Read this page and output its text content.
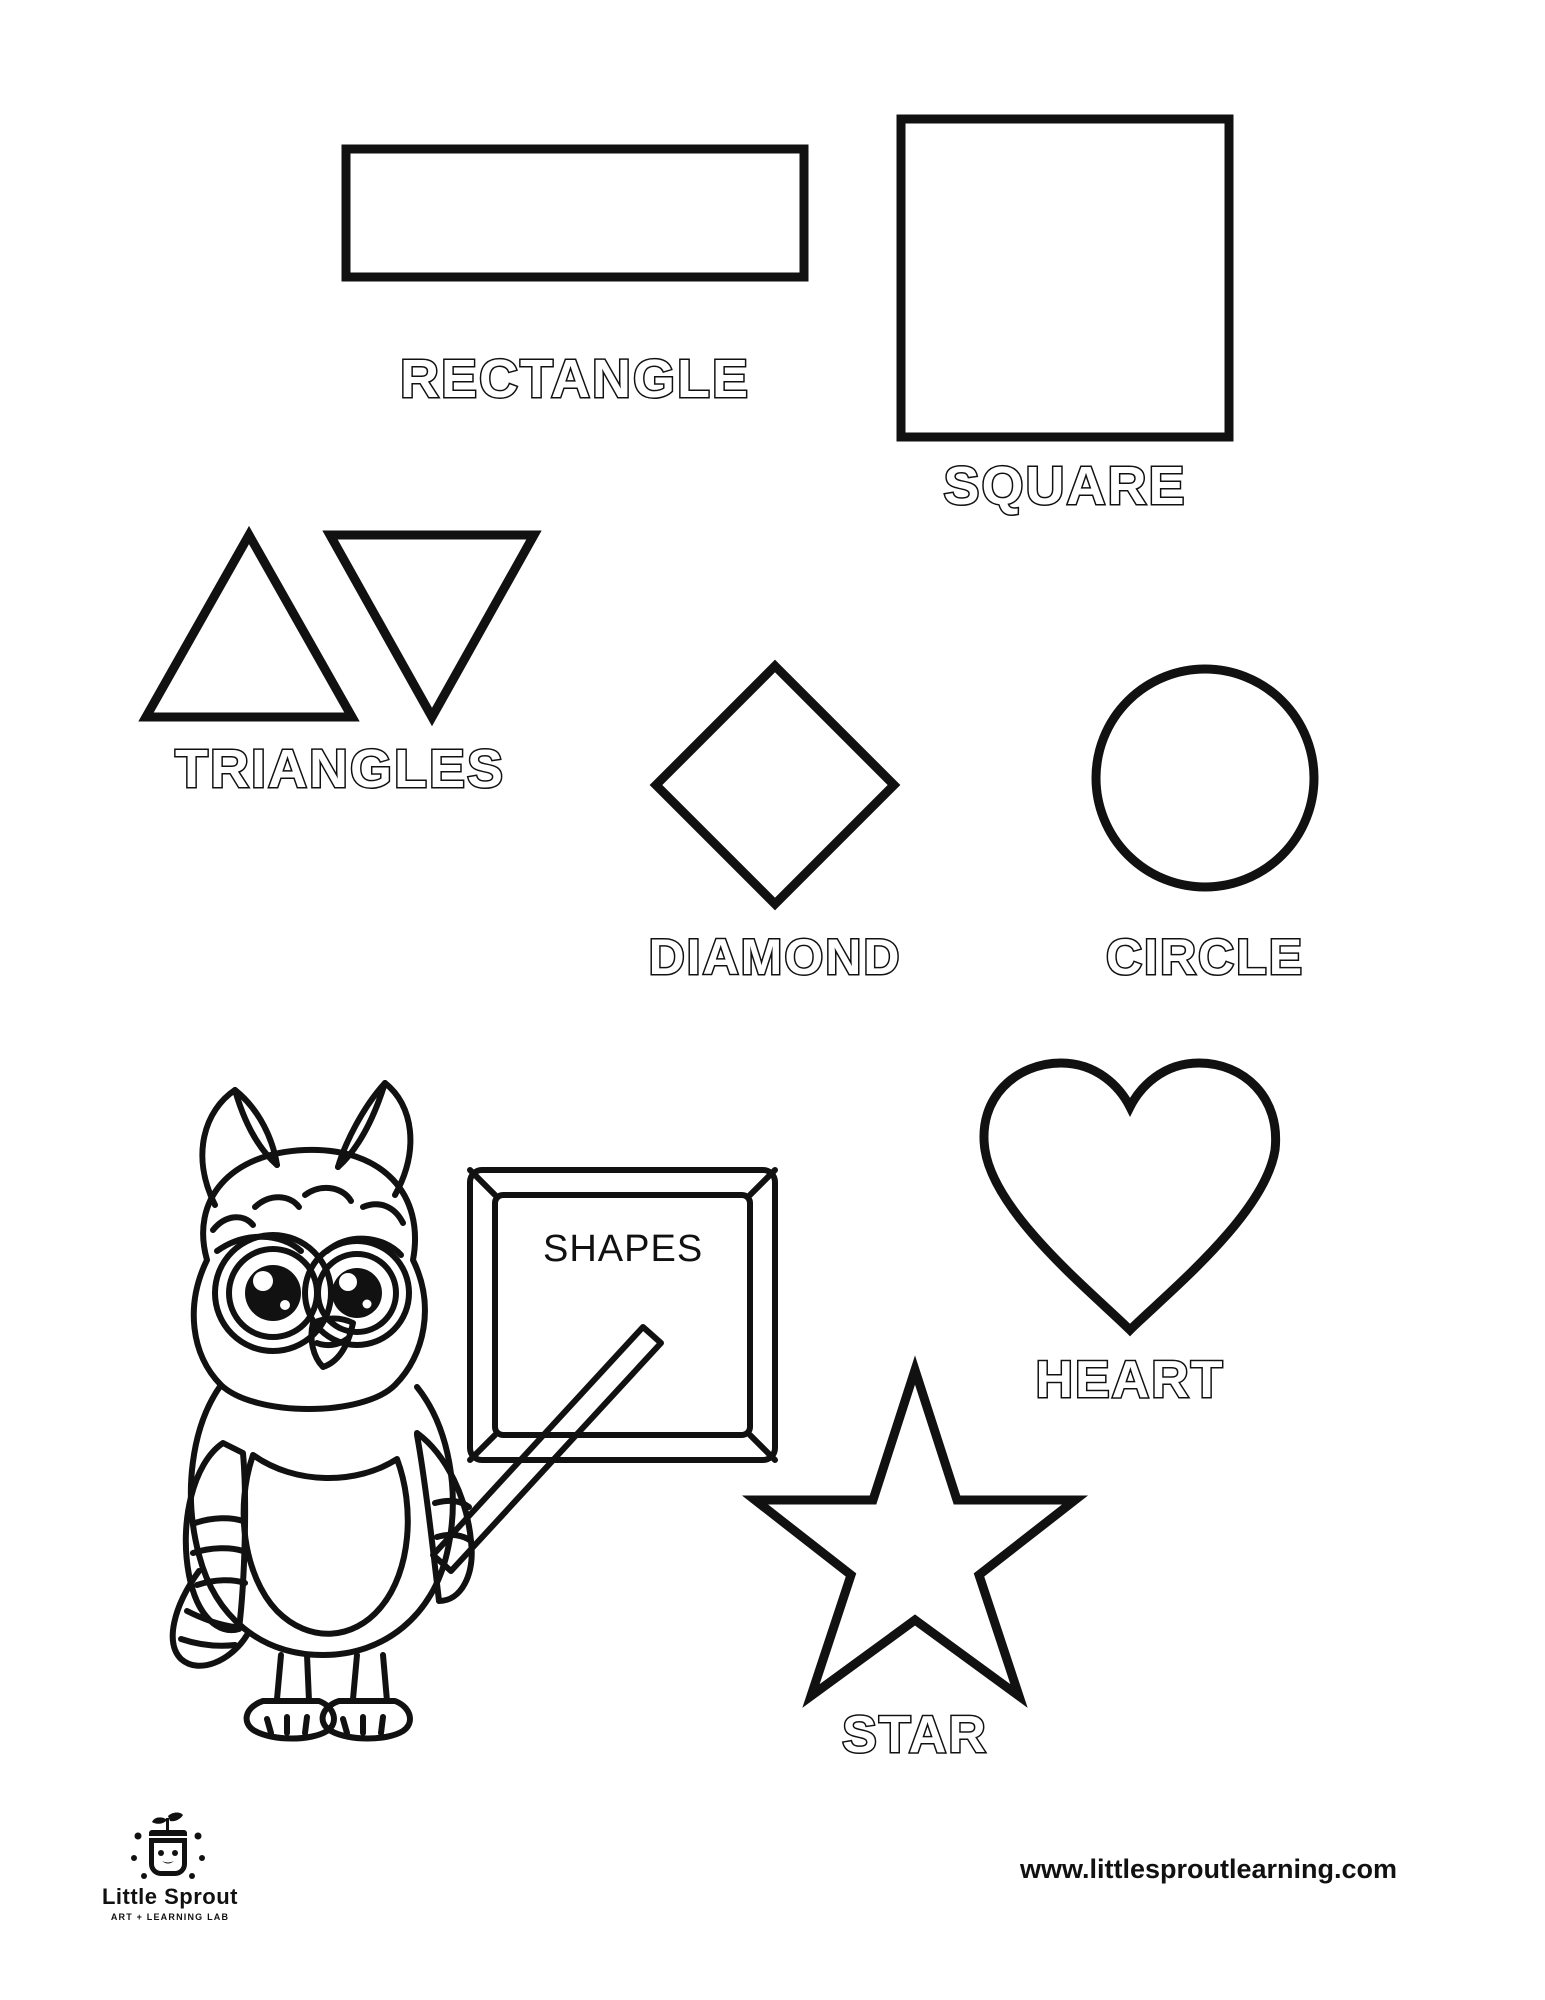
RECTANGLE
SQUARE
TRIANGLES
DIAMOND	CIRCLE
HEART
STAR
SHAPES
www.littlesproutlearning.com
Little Sprout
ART + LEARNING LAB
